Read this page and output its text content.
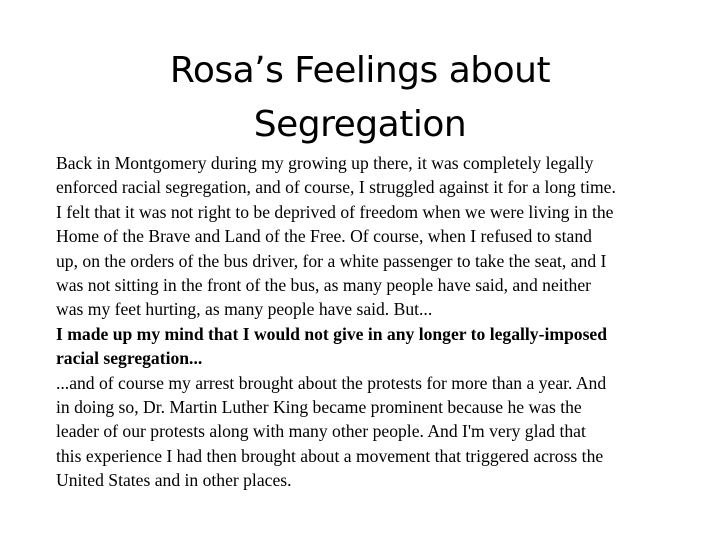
Rosa’s Feelings about
Segregation

Back in Montgomery during my growing up there, it was completely legally
enforced racial segregation, and of course, I struggled against it for a long time.
I felt that it was not right to be deprived of freedom when we were living in the
Home of the Brave and Land of the Free. Of course, when I refused to stand
up, on the orders of the bus driver, for a white passenger to take the seat, and I
was not sitting in the front of the bus, as many people have said, and neither
was my feet hurting, as many people have said. But...

I made up my mind that I would not give in any longer to legally-imposed
racial segregation...

...and of course my arrest brought about the protests for more than a year. And
in doing so, Dr. Martin Luther King became prominent because he was the
leader of our protests along with many other people. And I'm very glad that
this experience I had then brought about a movement that triggered across the
United States and in other places.
